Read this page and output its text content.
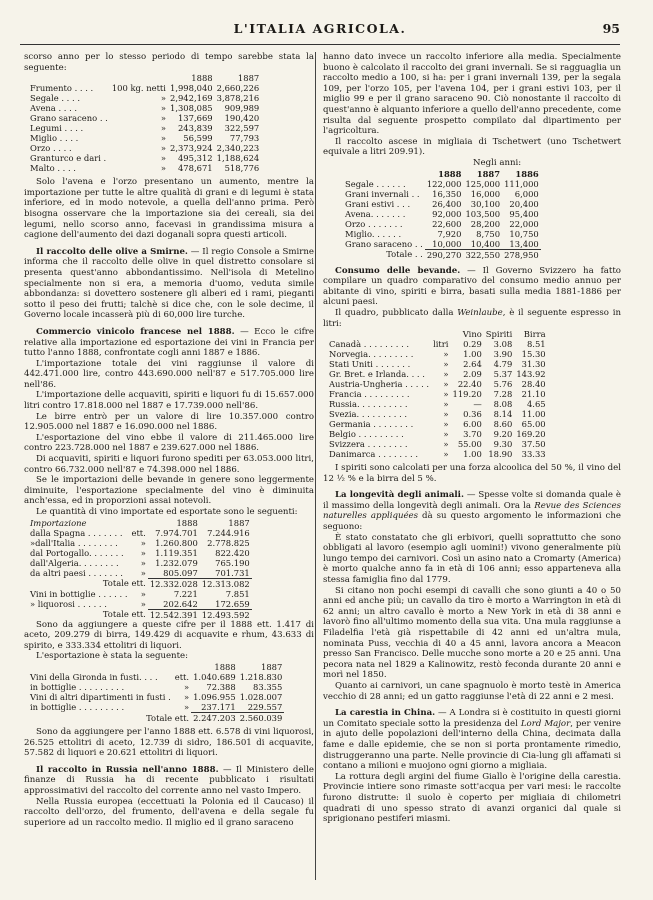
L'ITALIA AGRICOLA.	95

scorso anno per lo stesso periodo di tempo sarebbe stata la seguente:

		1888	1887
Frumento . . . .	100 kg. netti	1,998,040	2,660,226
Segale . . . .	»	2,942,169	3,878,216
Avena . . . .	»	1,308,085	909,989
Grano saraceno . .	»	137,669	190,420
Legumi . . . .	»	243,839	322,597
Miglio . . . .	»	56,599	77,793
Orzo . . . .	»	2,373,924	2,340,223
Granturco e dari .	»	495,312	1,188,624
Malto . . . .	»	478,671	518,776

Solo l'avena e l'orzo presentano un aumento, mentre la importazione per tutte le altre qualità di grani e di legumi è stata inferiore, ed in modo notevole, a quella dell'anno prima. Però bisogna osservare che la importazione sia dei cereali, sia dei legumi, nello scorso anno, facevasi in grandissima misura a cagione dell'aumento dei dazi doganali sopra questi articoli.

Il raccolto delle olive a Smirne. — Il regio Console a Smirne informa che il raccolto delle olive in quel distretto consolare si presenta quest'anno abbondantissimo. Nell'isola di Metelino specialmente non si era, a memoria d'uomo, veduta simile abbondanza: si dovettero sostenere gli alberi ed i rami, pieganti sotto il peso dei frutti; talchè si dice che, con le sole decime, il Governo locale incasserà più di 60,000 lire turche.

Commercio vinicolo francese nel 1888. — Ecco le cifre relative alla importazione ed esportazione dei vini in Francia per tutto l'anno 1888, confrontate cogli anni 1887 e 1886.

L'importazione totale dei vini raggiunse il valore di 442.471.000 lire, contro 443.690.000 nell'87 e 517.705.000 lire nell'86.

L'importazione delle acquaviti, spiriti e liquori fu di 15.657.000 litri contro 17.818.000 nel 1887 e 17.739.000 nell'86.

Le birre entrò per un valore di lire 10.357.000 contro 12.905.000 nel 1887 e 16.090.000 nel 1886.

L'esportazione del vino ebbe il valore di 211.465.000 lire contro 223.728.000 nel 1887 e 239.627.000 nel 1886.

Di acquaviti, spiriti e liquori furono spediti per 63.053.000 litri, contro 66.732.000 nell'87 e 74.398.000 nel 1886.

Se le importazioni delle bevande in genere sono leggermente diminuite, l'esportazione specialmente del vino è diminuita anch'essa, ed in proporzioni assai notevoli.

Le quantità di vino importate ed esportate sono le seguenti:

Importazione		1888	1887
dalla Spagna . . . . . . .	ett.	7.974.701	7.244.916
»dall'Italia . . . . . . . .	»	1.260.800	2.778.825
dal Portogallo. . . . . . .	»	1.119.351	822.420
dall'Algeria. . . . . . . .	»	1.232.079	765.190
da altri paesi . . . . . . .	»	805.097	701.731
Totale ett.		12.332.028	12.313.082
Vini in bottiglie . . . . . .	»	7.221	7.851
» liquorosi . . . . . .	»	202.642	172.659
Totale ett.		12.542.391	12.493.592

Sono da aggiungere a queste cifre per il 1888 ett. 1.417 di aceto, 209.279 di birra, 149.429 di acquavite e rhum, 43.633 di spirito, e 333.334 ettolitri di liquori.

L'esportazione è stata la seguente:

		1888	1887
Vini della Gironda in fusti. . . .	ett.	1.040.689	1.218.830
in bottiglie . . . . . . . . .	»	72.388	83.355
Vini di altri dipartimenti in fusti .	»	1.096.955	1.028.007
in bottiglie . . . . . . . . .	»	237.171	229.557
Totale ett.		2.247.203	2.560.039

Sono da aggiungere per l'anno 1888 ett. 6.578 di vini liquorosi, 26.525 ettolitri di aceto, 12.739 di sidro, 186.501 di acquavite, 57.582 di liquori e 20.621 ettolitri di liquori.

Il raccolto in Russia nell'anno 1888. — Il Ministero delle finanze di Russia ha di recente pubblicato i risultati approssimativi del raccolto del corrente anno nel vasto Impero.

Nella Russia europea (eccettuati la Polonia ed il Caucaso) il raccolto dell'orzo, del frumento, dell'avena e della segale fu superiore ad un raccolto medio. Il miglio ed il grano saraceno

hanno dato invece un raccolto inferiore alla media. Specialmente buono è calcolato il raccolto dei grani invernali. Se si ragguaglia un raccolto medio a 100, si ha: per i grani invernali 139, per la segala 109, per l'orzo 105, per l'avena 104, per i grani estivi 103, per il miglio 99 e per il grano saraceno 90. Ciò nonostante il raccolto di quest'anno è alquanto inferiore a quello dell'anno precedente, come risulta dal seguente prospetto compilato dal dipartimento per l'agricoltura.

Il raccolto ascese in migliaia di Tschetwert (uno Tschetwert equivale a litri 209.91).

Negli anni:
	1888	1887	1886
Segale . . . . . .	122,000	125,000	111,000
Grani invernali . .	16,350	16,000	6,000
Grani estivi . . .	26,400	30,100	20,400
Avena. . . . . . .	92,000	103,500	95,400
Orzo . . . . . . .	22,600	28,200	22,000
Miglio. . . . . .	7,920	8,750	10,750
Grano saraceno . .	10,000	10,400	13,400
Totale . .	290,270	322,550	278,950

Consumo delle bevande. — Il Governo Svizzero ha fatto compilare un quadro comparativo del consumo medio annuo per abitante di vino, spiriti e birra, basati sulla media 1881-1886 per alcuni paesi.

Il quadro, pubblicato dalla Weinlaube, è il seguente espresso in litri:

		Vino	Spiriti	Birra
Canadà . . . . . . . . .	litri	0.29	3.08	8.51
Norvegia. . . . . . . . .	»	1.00	3.90	15.30
Stati Uniti . . . . . . .	»	2.64	4.79	31.30
Gr. Bret. e Irlanda. . . .	»	2.09	5.37	143.92
Austria-Ungheria . . . . .	»	22.40	5.76	28.40
Francia . . . . . . . . .	»	119.20	7.28	21.10
Russia. . . . . . . . . .	»	—	8.08	4.65
Svezia. . . . . . . . . .	»	0.36	8.14	11.00
Germania . . . . . . . .	»	6.00	8.60	65.00
Belgio . . . . . . . . .	»	3.70	9.20	169.20
Svizzera . . . . . . . .	»	55.00	9.30	37.50
Danimarca . . . . . . . .	»	1.00	18.90	33.33

I spiriti sono calcolati per una forza alcoolica del 50 %, il vino del 12 ½ % e la birra del 5 %.

La longevità degli animali. — Spesse volte si domanda quale è il massimo della longevità degli animali. Ora la Revue des Sciences naturelles appliquées dà su questo argomento le informazioni che seguono:

È stato constatato che gli erbivori, quelli soprattutto che sono obbligati al lavoro (esempio agli uomini!) vivono generalmente più lungo tempo dei carnivori. Così un asino nato a Cromarty (America) è morto qualche anno fa in età di 106 anni; esso apparteneva alla stessa famiglia fino dal 1779.

Si citano non pochi esempi di cavalli che sono giunti a 40 o 50 anni ed anche più; un cavallo da tiro è morto a Warrington in età di 62 anni; un altro cavallo è morto a New York in età di 38 anni e lavorò fino all'ultimo momento della sua vita. Una mula raggiunse a Filadelfia l'età già rispettabile di 42 anni ed un'altra mula, nominata Puss, vecchia di 40 a 45 anni, lavora ancora a Meacon presso San Francisco. Delle mucche sono morte a 20 e 25 anni. Una pecora nata nel 1829 a Kalinowitz, restò feconda durante 20 anni e morì nel 1850.

Quanto ai carnivori, un cane spagnuolo è morto testè in America vecchio di 28 anni; ed un gatto raggiunse l'età di 22 anni e 2 mesi.

La carestia in China. — A Londra si è costituito in questi giorni un Comitato speciale sotto la presidenza del Lord Major, per venire in ajuto delle popolazioni dell'interno della China, decimata dalla fame e dalle epidemie, che se non si porta prontamente rimedio, distruggeranno una parte. Nelle provincie di Cia-lung gli affamati si contano a milioni e muojono ogni giorno a migliaia.

La rottura degli argini del fiume Giallo è l'origine della carestia. Provincie intiere sono rimaste sott'acqua per vari mesi: le raccolte furono distrutte: il suolo è coperto per migliaia di chilometri quadrati di uno spesso strato di avanzi organici dal quale si sprigionano pestiferi miasmi.
